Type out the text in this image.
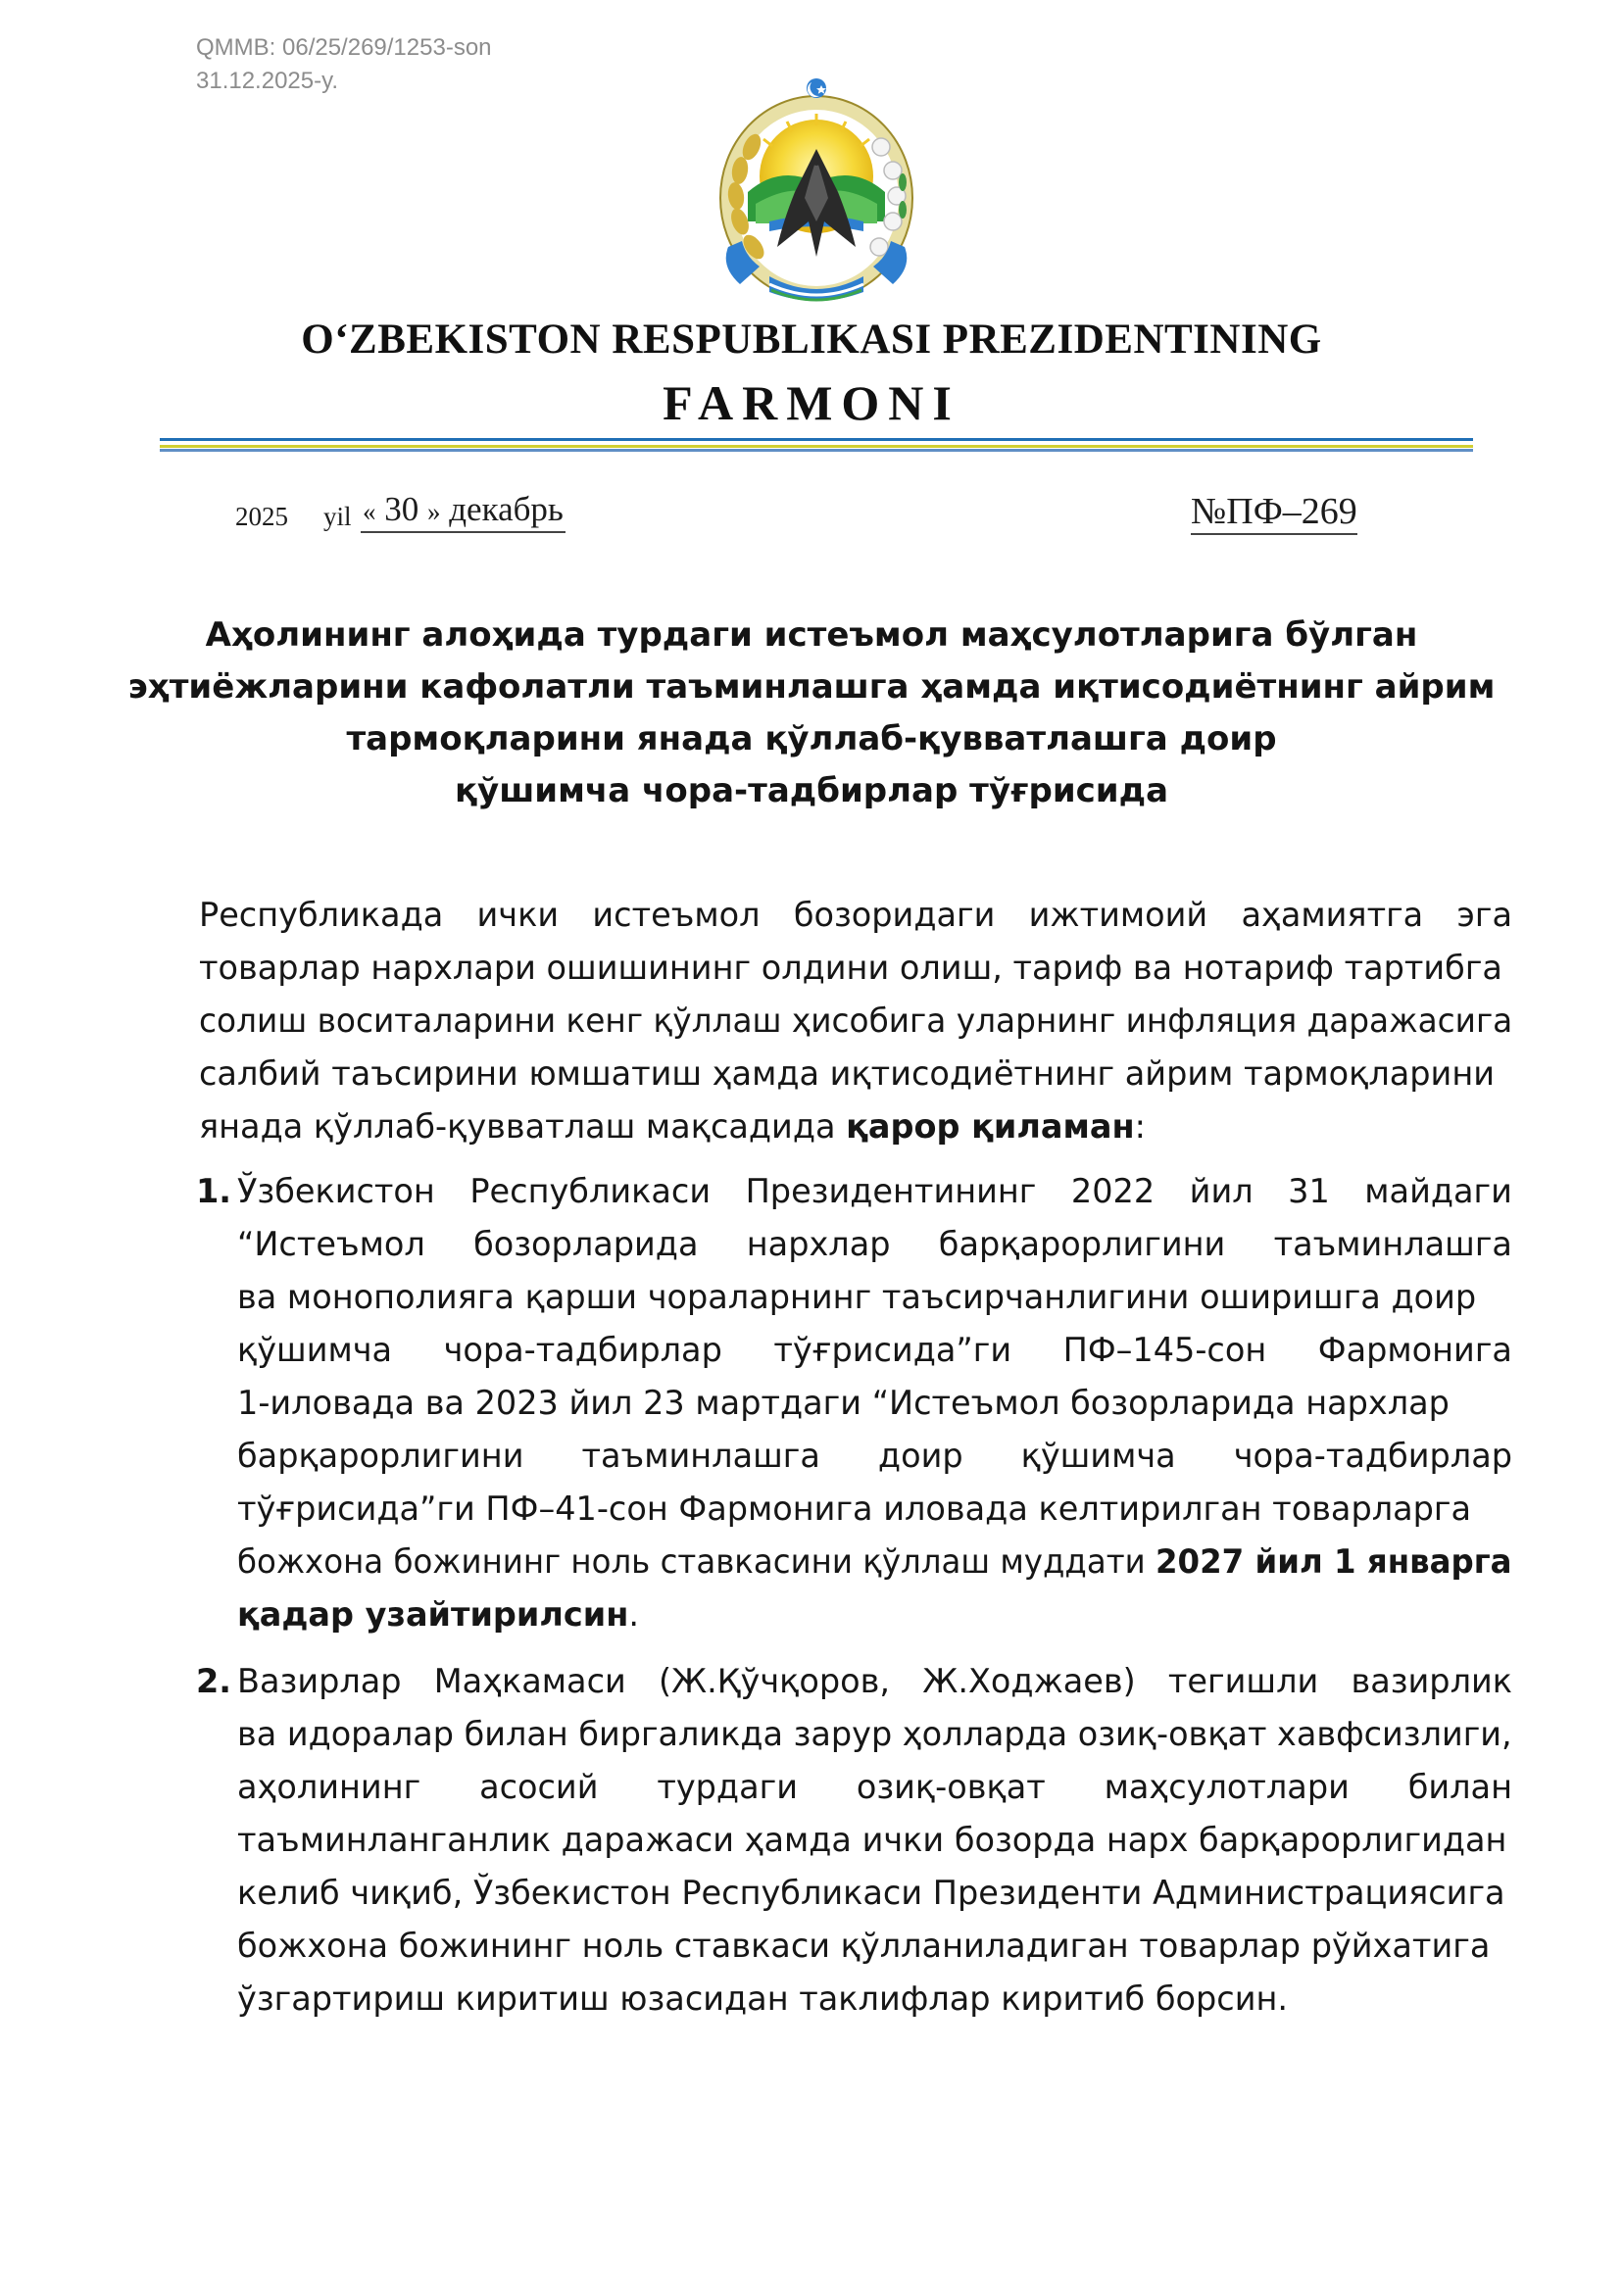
QMMB: 06/25/269/1253-son
31.12.2025-y.
O‘ZBEKISTON RESPUBLIKASI PREZIDENTINING
FARMONI
2025 yil « 30 » декабрь	№ПФ–269
Аҳолининг алоҳида турдаги истеъмол маҳсулотларига бўлган
эҳтиёжларини кафолатли таъминлашга ҳамда иқтисодиётнинг айрим
тармоқларини янада қўллаб-қувватлашга доир
қўшимча чора-тадбирлар тўғрисида
Республикада ички истеъмол бозоридаги ижтимоий аҳамиятга эга
товарлар нархлари ошишининг олдини олиш, тариф ва нотариф тартибга
солиш воситаларини кенг қўллаш ҳисобига уларнинг инфляция даражасига
салбий таъсирини юмшатиш ҳамда иқтисодиётнинг айрим тармоқларини
янада қўллаб-қувватлаш мақсадида қарор қиламан:
1. Ўзбекистон Республикаси Президентининг 2022 йил 31 майдаги
“Истеъмол бозорларида нархлар барқарорлигини таъминлашга
ва монополияга қарши чораларнинг таъсирчанлигини оширишга доир
қўшимча чора-тадбирлар тўғрисида”ги ПФ–145-сон Фармонига
1-иловада ва 2023 йил 23 мартдаги “Истеъмол бозорларида нархлар
барқарорлигини таъминлашга доир қўшимча чора-тадбирлар
тўғрисида”ги ПФ–41-сон Фармонига иловада келтирилган товарларга
божхона божининг ноль ставкасини қўллаш муддати 2027 йил 1 январга
қадар узайтирилсин.
2. Вазирлар Маҳкамаси (Ж.Қўчқоров, Ж.Ходжаев) тегишли вазирлик
ва идоралар билан биргаликда зарур ҳолларда озиқ-овқат хавфсизлиги,
аҳолининг асосий турдаги озиқ-овқат маҳсулотлари билан
таъминланганлик даражаси ҳамда ички бозорда нарх барқарорлигидан
келиб чиқиб, Ўзбекистон Республикаси Президенти Администрациясига
божхона божининг ноль ставкаси қўлланиладиган товарлар рўйхатига
ўзгартириш киритиш юзасидан таклифлар киритиб борсин.
